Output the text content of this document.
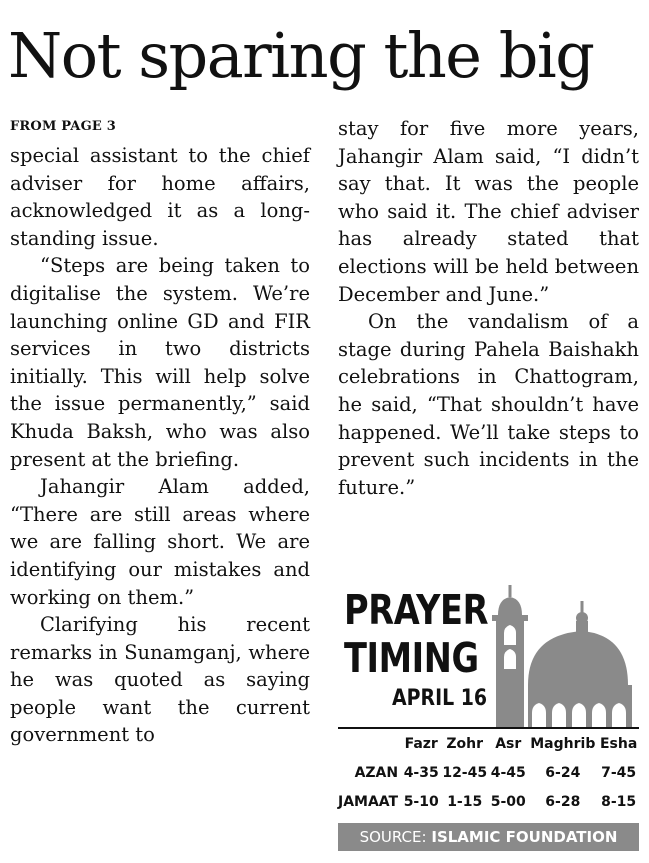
Not sparing the big
FROM PAGE 3

special assistant to the chief adviser for home affairs, acknowledged it as a long-standing issue.

“Steps are being taken to digitalise the system. We’re launching online GD and FIR services in two districts initially. This will help solve the issue permanently,” said Khuda Baksh, who was also present at the briefing.

Jahangir Alam added, “There are still areas where we are falling short. We are identifying our mistakes and working on them.”

Clarifying his recent remarks in Sunamganj, where he was quoted as saying people want the current government to

stay for five more years, Jahangir Alam said, “I didn’t say that. It was the people who said it. The chief adviser has already stated that elections will be held between December and June.”

On the vandalism of a stage during Pahela Baishakh celebrations in Chattogram, he said, “That shouldn’t have happened. We’ll take steps to prevent such incidents in the future.”

PRAYER
TIMING
APRIL 16
	Fazr	Zohr	Asr	Maghrib	Esha
AZAN	4-35	12-45	4-45	6-24	7-45
JAMAAT	5-10	1-15	5-00	6-28	8-15
SOURCE: ISLAMIC FOUNDATION
